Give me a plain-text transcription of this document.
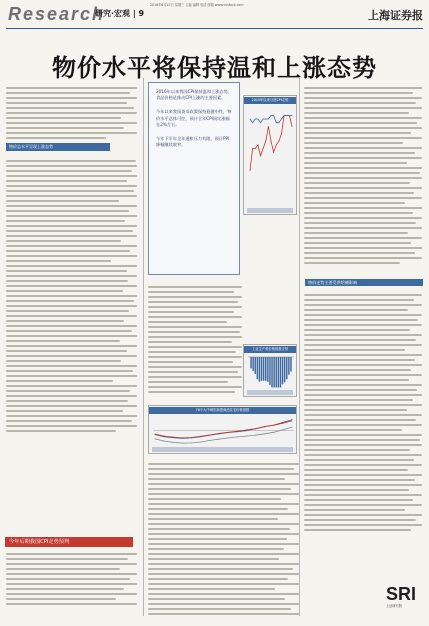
Research
研究·宏观 | 9
2016年6月15日 星期三 主编 编辑 电话 邮箱 www.cnstock.com
上海证券报
物价水平将保持温和上涨态势
物价总水平呈现上涨态势
今年后期我国CPI走势预判

2016年以来我国CPI保持温和上涨态势，食品价格是推动CPI上涨的主要因素。

今年以来我国货币政策保持稳健中性，物价水平总体可控，预计全年CPI同比涨幅在2%左右。

今年下半年全年通胀压力有限，预计PPI降幅继续收窄。

2015年以来月度CPI走势
工业生产者价格指数走势
70个大中城市新建商品住宅价格指数
物价走势主要受供给侧影响
SRI
上证研究院
